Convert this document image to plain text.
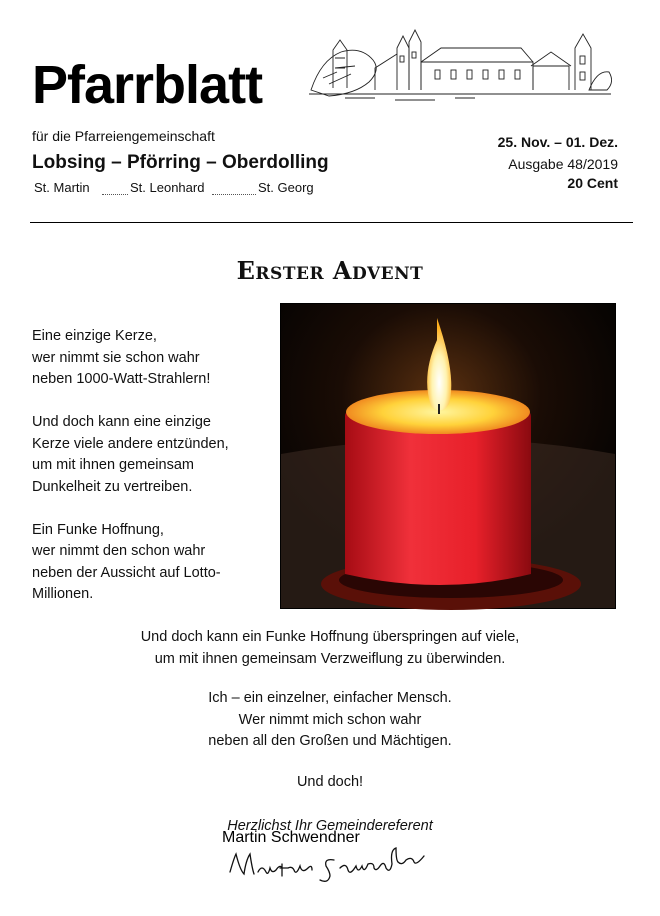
Pfarrblatt
für die Pfarreiengemeinschaft
Lobsing – Pförring – Oberdolling
St. Martin	St. Leonhard	St. Georg
25. Nov. – 01. Dez.
Ausgabe 48/2019
20 Cent
Erster Advent

Eine einzige Kerze,
wer nimmt sie schon wahr
neben 1000-Watt-Strahlern!

Und doch kann eine einzige
Kerze viele andere entzünden,
um mit ihnen gemeinsam
Dunkelheit zu vertreiben.

Ein Funke Hoffnung,
wer nimmt den schon wahr
neben der Aussicht auf Lotto-
Millionen.

Und doch kann ein Funke Hoffnung überspringen auf viele,
um mit ihnen gemeinsam Verzweiflung zu überwinden.

Ich – ein einzelner, einfacher Mensch.
Wer nimmt mich schon wahr
neben all den Großen und Mächtigen.

Und doch!

Herzlichst Ihr Gemeindereferent
Martin Schwendner
